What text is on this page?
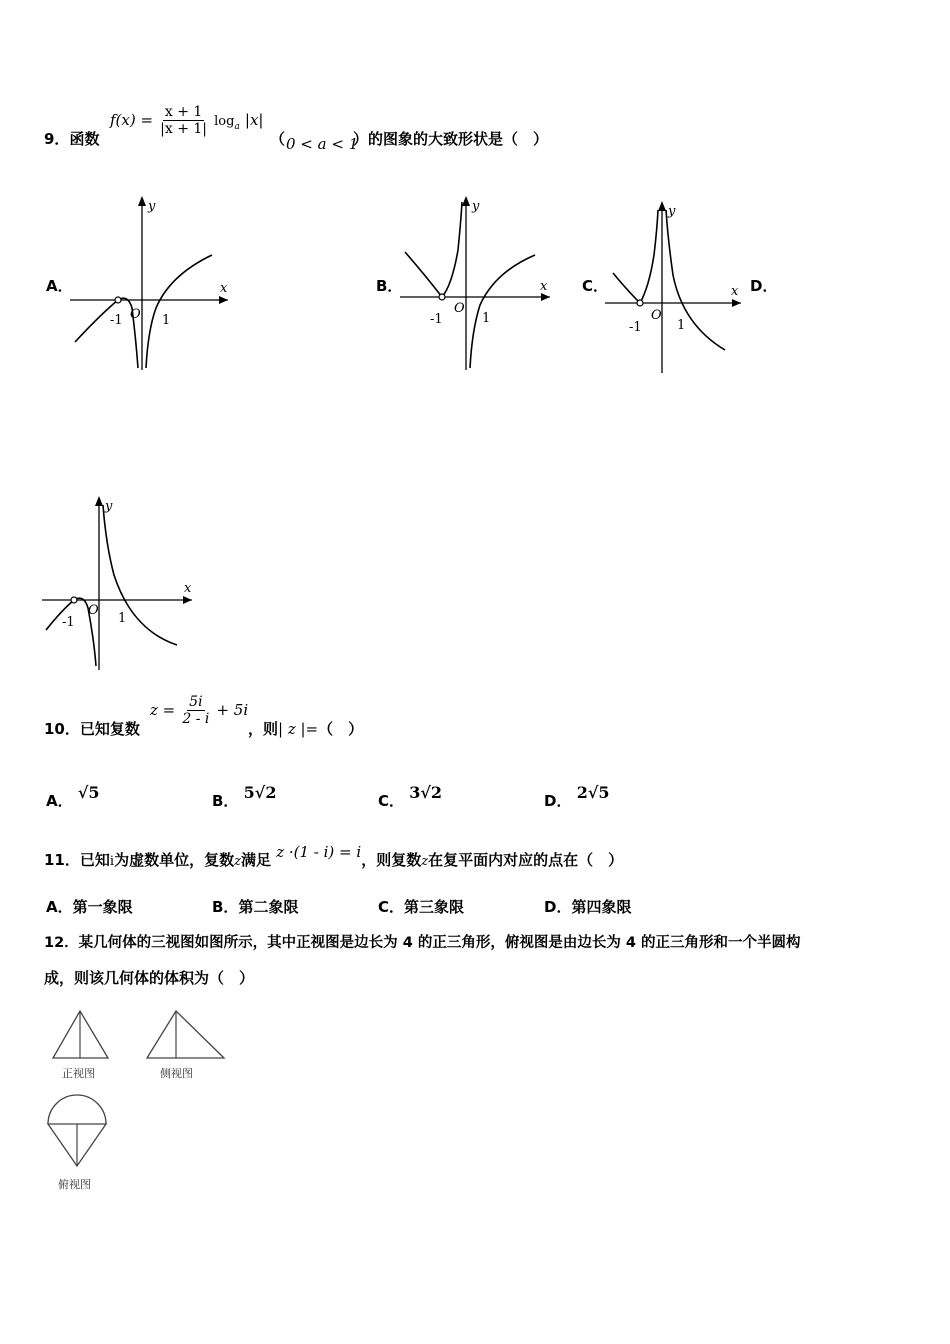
9．函数
$f(x) = \frac{x + 1}{|x + 1|} \log_a |x|$
（ 0 < a < 1
）的图象的大致形状是（　）
A．	B．	C．	D．
x
y
-1 O 1
x
y
-1
O
1
x
y
-1
O
1
x
y
-1
O
1
10．已知复数
$z = \frac{5i}{2 - i} + 5i$
，则| z |=（　）
A． √5	B． 5√2	C． 3√2	D． 2√5
11．已知i为虚数单位，复数z满足 z ·(1 - i) = i，则复数z在复平面内对应的点在（　）
A．第一象限	B．第二象限	C．第三象限	D．第四象限
12．某几何体的三视图如图所示，其中正视图是边长为 4 的正三角形，俯视图是由边长为 4 的正三角形和一个半圆构
成，则该几何体的体积为（　）
正视图	侧视图
俯视图
